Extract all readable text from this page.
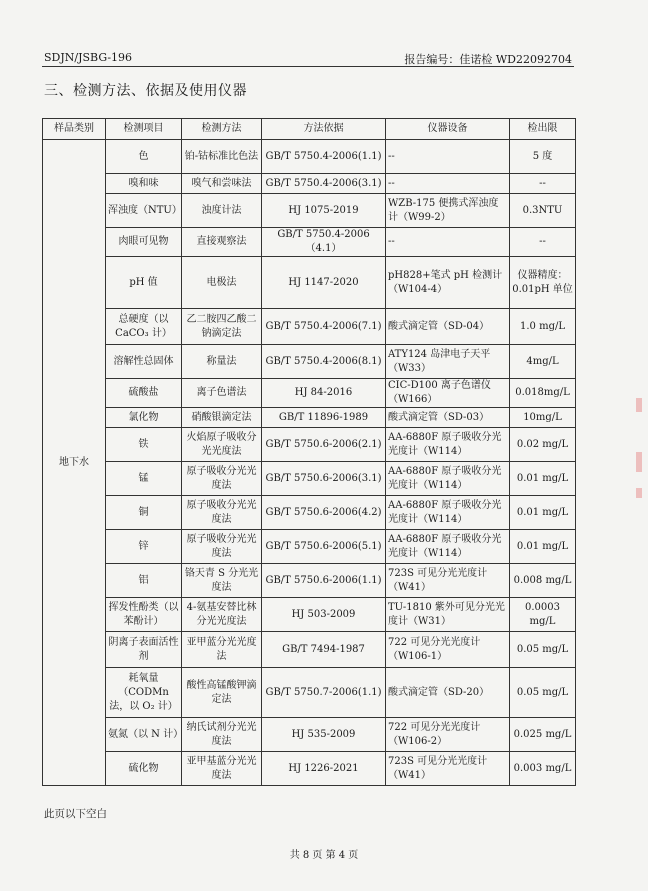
SDJN/JSBG-196	报告编号：佳诺检 WD22092704
三、检测方法、依据及使用仪器
样品类别	检测项目	检测方法	方法依据	仪器设备	检出限
地下水	色	铂-钴标准比色法	GB/T 5750.4-2006(1.1)	--	5 度
	嗅和味	嗅气和尝味法	GB/T 5750.4-2006(3.1)	--	--
	浑浊度（NTU）	浊度计法	HJ 1075-2019	WZB-175 便携式浑浊度计（W99-2）	0.3NTU
	肉眼可见物	直接观察法	GB/T 5750.4-2006（4.1）	--	--
	pH 值	电极法	HJ 1147-2020	pH828+笔式 pH 检测计（W104-4）	仪器精度：0.01pH 单位
	总硬度（以 CaCO₃ 计）	乙二胺四乙酸二钠滴定法	GB/T 5750.4-2006(7.1)	酸式滴定管（SD-04）	1.0 mg/L
	溶解性总固体	称量法	GB/T 5750.4-2006(8.1)	ATY124 岛津电子天平（W33）	4mg/L
	硫酸盐	离子色谱法	HJ 84-2016	CIC-D100 离子色谱仪（W166）	0.018mg/L
	氯化物	硝酸银滴定法	GB/T 11896-1989	酸式滴定管（SD-03）	10mg/L
	铁	火焰原子吸收分光光度法	GB/T 5750.6-2006(2.1)	AA-6880F 原子吸收分光光度计（W114）	0.02 mg/L
	锰	原子吸收分光光度法	GB/T 5750.6-2006(3.1)	AA-6880F 原子吸收分光光度计（W114）	0.01 mg/L
	铜	原子吸收分光光度法	GB/T 5750.6-2006(4.2)	AA-6880F 原子吸收分光光度计（W114）	0.01 mg/L
	锌	原子吸收分光光度法	GB/T 5750.6-2006(5.1)	AA-6880F 原子吸收分光光度计（W114）	0.01 mg/L
	铝	铬天青 S 分光光度法	GB/T 5750.6-2006(1.1)	723S 可见分光光度计（W41）	0.008 mg/L
	挥发性酚类（以苯酚计）	4-氨基安替比林分光光度法	HJ 503-2009	TU-1810 紫外可见分光光度计（W31）	0.0003 mg/L
	阴离子表面活性剂	亚甲蓝分光光度法	GB/T 7494-1987	722 可见分光光度计（W106-1）	0.05 mg/L
	耗氧量（CODMn 法，以 O₂ 计）	酸性高锰酸钾滴定法	GB/T 5750.7-2006(1.1)	酸式滴定管（SD-20）	0.05 mg/L
	氨氮（以 N 计）	纳氏试剂分光光度法	HJ 535-2009	722 可见分光光度计（W106-2）	0.025 mg/L
	硫化物	亚甲基蓝分光光度法	HJ 1226-2021	723S 可见分光光度计（W41）	0.003 mg/L
此页以下空白
共 8 页 第 4 页
